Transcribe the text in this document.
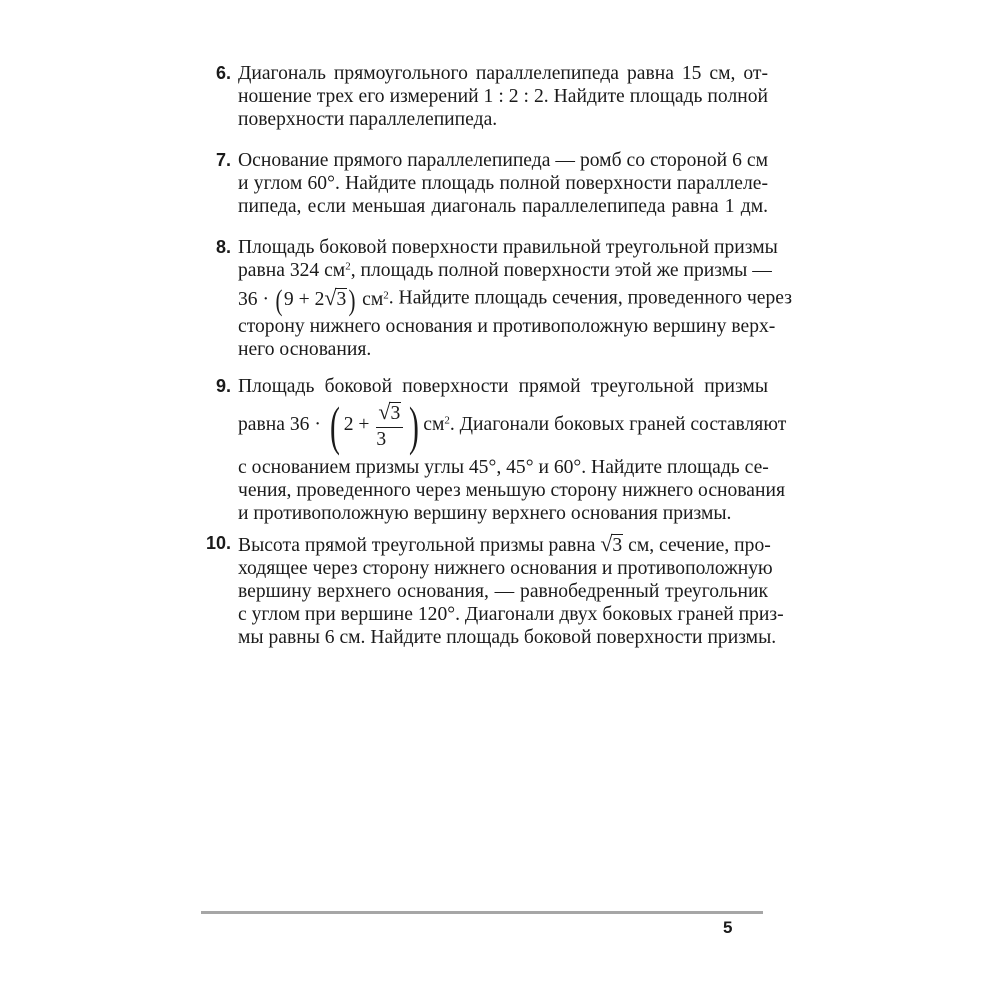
6. Диагональ прямоугольного параллелепипеда равна 15 см, от-
ношение трех его измерений 1 : 2 : 2. Найдите площадь полной
поверхности параллелепипеда.
7. Основание прямого параллелепипеда — ромб со стороной 6 см
и углом 60°. Найдите площадь полной поверхности параллеле-
пипеда, если меньшая диагональ параллелепипеда равна 1 дм.
8. Площадь боковой поверхности правильной треугольной призмы
равна 324 $см^2$, площадь полной поверхности этой же призмы —
36 · (9 + 2√3) $см^2$. Найдите площадь сечения, проведенного через
сторону нижнего основания и противоположную вершину верх-
него основания.
9. Площадь боковой поверхности прямой треугольной призмы
равна 36 · ( $2 + \frac{√3}{3}$ ) $см^2$. Диагонали боковых граней составляют
с основанием призмы углы 45°, 45° и 60°. Найдите площадь се-
чения, проведенного через меньшую сторону нижнего основания
и противоположную вершину верхнего основания призмы.
10. Высота прямой треугольной призмы равна √3 см, сечение, про-
ходящее через сторону нижнего основания и противоположную
вершину верхнего основания, — равнобедренный треугольник
с углом при вершине 120°. Диагонали двух боковых граней приз-
мы равны 6 см. Найдите площадь боковой поверхности призмы.
5
